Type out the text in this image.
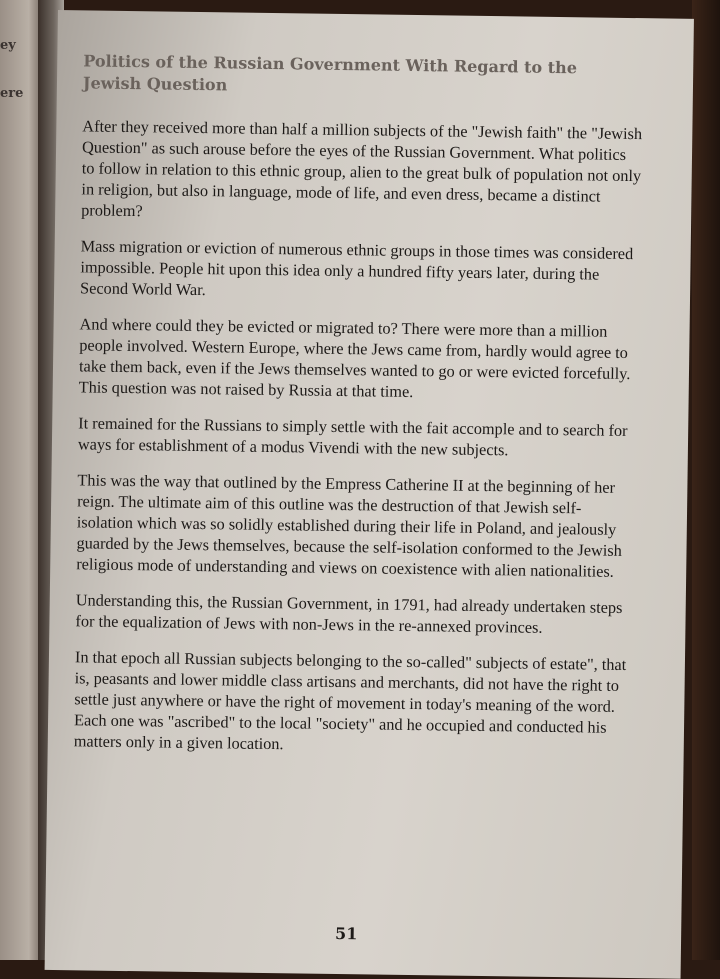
ey
ere
Politics of the Russian Government With Regard to the Jewish Question

After they received more than half a million subjects of the "Jewish faith" the "Jewish Question" as such arouse before the eyes of the Russian Government. What politics to follow in relation to this ethnic group, alien to the great bulk of population not only in religion, but also in language, mode of life, and even dress, became a distinct problem?

Mass migration or eviction of numerous ethnic groups in those times was considered impossible. People hit upon this idea only a hundred fifty years later, during the Second World War.

And where could they be evicted or migrated to? There were more than a million people involved. Western Europe, where the Jews came from, hardly would agree to take them back, even if the Jews themselves wanted to go or were evicted forcefully. This question was not raised by Russia at that time.

It remained for the Russians to simply settle with the fait accomple and to search for ways for establishment of a modus Vivendi with the new subjects.

This was the way that outlined by the Empress Catherine II at the beginning of her reign. The ultimate aim of this outline was the destruction of that Jewish self-isolation which was so solidly established during their life in Poland, and jealously guarded by the Jews themselves, because the self-isolation conformed to the Jewish religious mode of understanding and views on coexistence with alien nationalities.

Understanding this, the Russian Government, in 1791, had already undertaken steps for the equalization of Jews with non-Jews in the re-annexed provinces.

In that epoch all Russian subjects belonging to the so-called" subjects of estate", that is, peasants and lower middle class artisans and merchants, did not have the right to settle just anywhere or have the right of movement in today's meaning of the word. Each one was "ascribed" to the local "society" and he occupied and conducted his matters only in a given location.

51
